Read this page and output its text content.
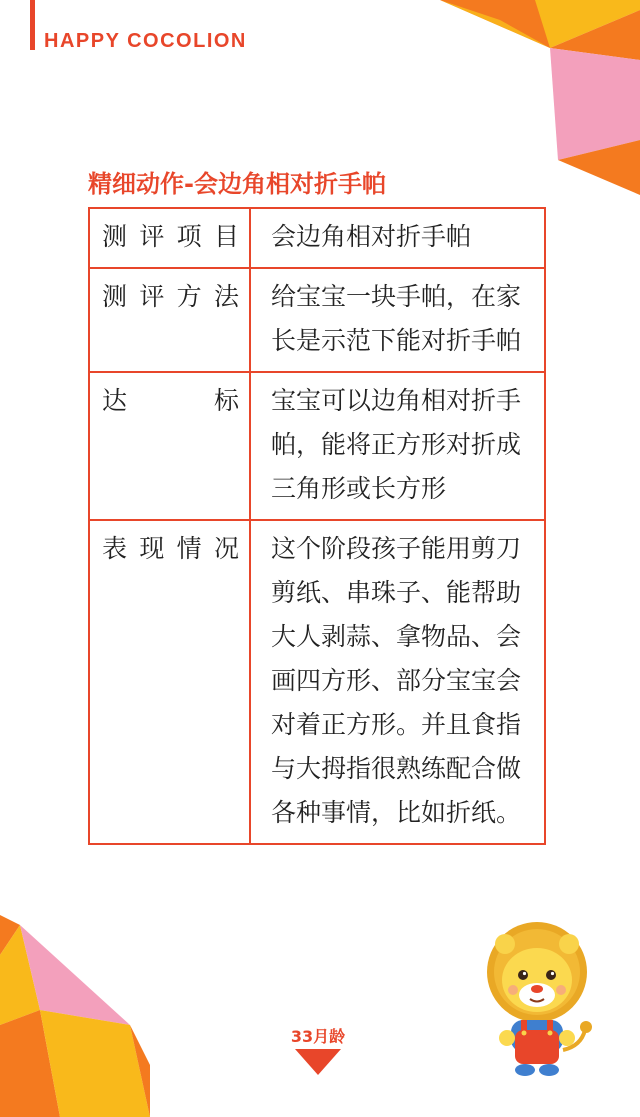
HAPPY COCOLION
精细动作-会边角相对折手帕
测评项目	会边角相对折手帕
测评方法	给宝宝一块手帕，在家长是示范下能对折手帕
达　　标	宝宝可以边角相对折手帕，能将正方形对折成三角形或长方形
表现情况	这个阶段孩子能用剪刀剪纸、串珠子、能帮助大人剥蒜、拿物品、会画四方形、部分宝宝会对着正方形。并且食指与大拇指很熟练配合做各种事情，比如折纸。
33月龄
